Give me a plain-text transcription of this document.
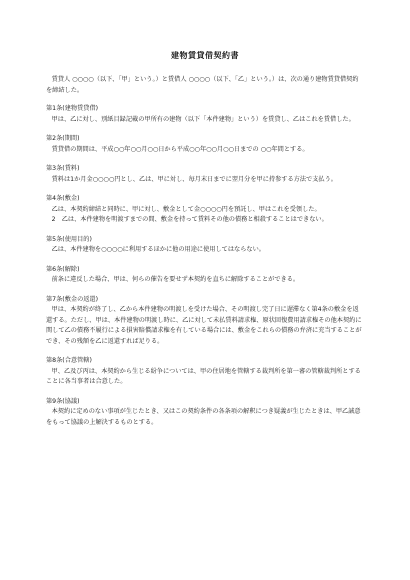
建物賃貸借契約書

賃貸人 ○○○○（以下、「甲」という。）と賃借人 ○○○○（以下、「乙」という。）は、次の通り建物賃貸借契約を締結した。

第1条(建物賃貸借)

甲は、乙に対し、別紙目録記載の甲所有の建物（以下「本件建物」という）を賃貸し、乙はこれを賃借した。

第2条(期間)

賃貸借の期間は、平成○○年○○月○○日から平成○○年○○月○○日までの ○○年間とする。

第3条(賃料)

賃料は1か月金○○○○円とし、乙は、甲に対し、毎月末日までに翌月分を甲に持参する方法で支払う。

第4条(敷金)

乙は、本契約締結と同時に、甲に対し、敷金として金○○○○円を預託し、甲はこれを受領した。

2　乙は、本件建物を明渡すまでの間、敷金を持って賃料その他の債務と相殺することはできない。

第5条(使用目的)

乙は、本件建物を○○○○に利用するほかに他の用途に使用してはならない。

第6条(解除)

前条に違反した場合、甲は、何らの催告を要せず本契約を直ちに解除することができる。

第7条(敷金の返還)

甲は、本契約が終了し、乙から本件建物の明渡しを受けた場合、その明渡し完了日に遅滞なく第4条の敷金を返還する。ただし、甲は、本件建物の明渡し時に、乙に対して未払賃料請求権、原状回復費用請求権その他本契約に関して乙の債務不履行による損害賠償請求権を有している場合には、敷金をこれらの債務の弁済に充当することができ、その残額を乙に返還すれば足りる。

第8条(合意管轄)

甲、乙及び丙は、本契約から生じる紛争については、甲の住居地を管轄する裁判所を第一審の管轄裁判所とすることに各当事者は合意した。

第9条(協議)

本契約に定めのない事項が生じたとき、又はこの契約条件の各条項の解釈につき疑義が生じたときは、甲乙誠意をもって協議の上解決するものとする。
